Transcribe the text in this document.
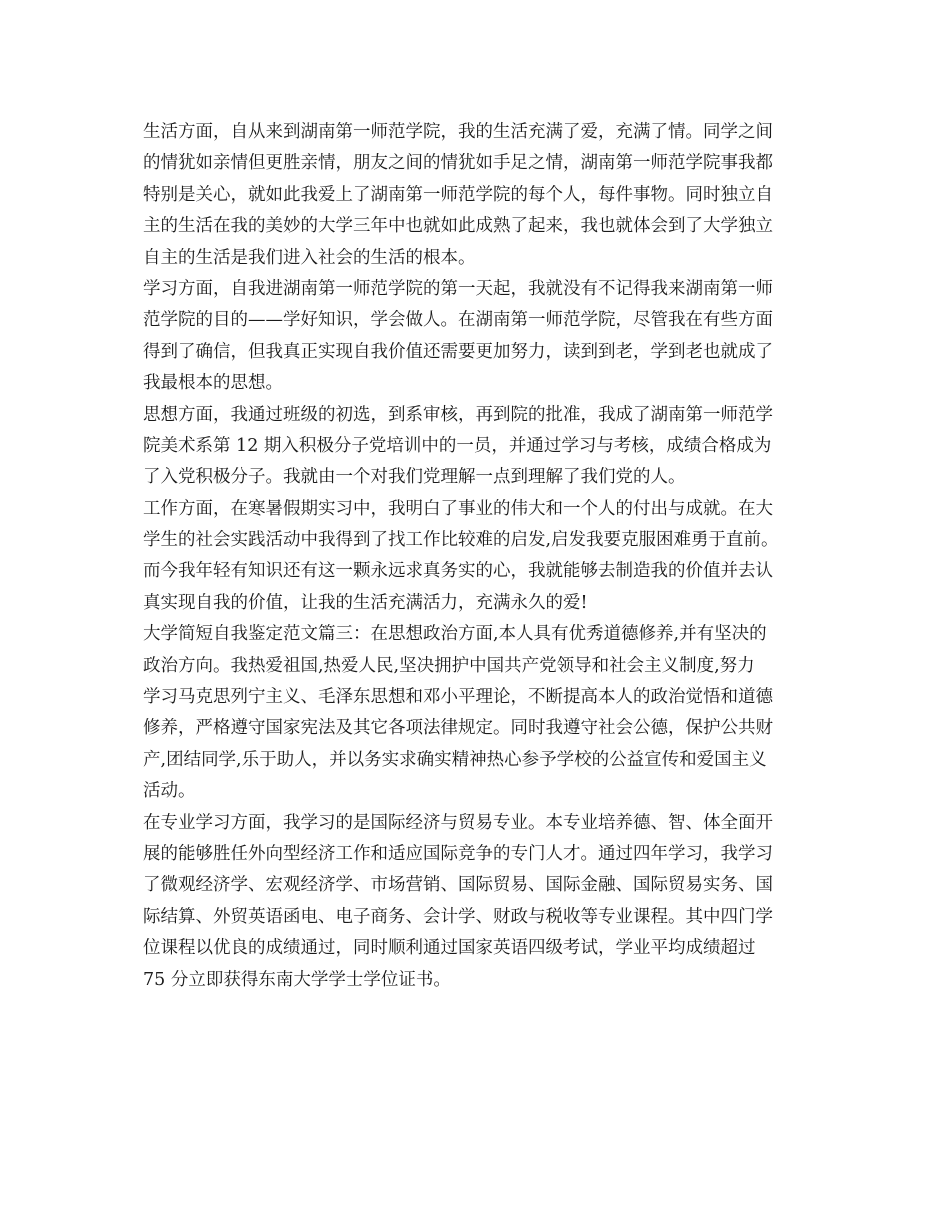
生活方面，自从来到湖南第一师范学院，我的生活充满了爱，充满了情。同学之间
的情犹如亲情但更胜亲情，朋友之间的情犹如手足之情，湖南第一师范学院事我都
特别是关心，就如此我爱上了湖南第一师范学院的每个人，每件事物。同时独立自
主的生活在我的美妙的大学三年中也就如此成熟了起来，我也就体会到了大学独立
自主的生活是我们进入社会的生活的根本。
学习方面，自我进湖南第一师范学院的第一天起，我就没有不记得我来湖南第一师
范学院的目的——学好知识，学会做人。在湖南第一师范学院，尽管我在有些方面
得到了确信，但我真正实现自我价值还需要更加努力，读到到老，学到老也就成了
我最根本的思想。
思想方面，我通过班级的初选，到系审核，再到院的批准，我成了湖南第一师范学
院美术系第 12 期入积极分子党培训中的一员，并通过学习与考核，成绩合格成为
了入党积极分子。我就由一个对我们党理解一点到理解了我们党的人。
工作方面，在寒暑假期实习中，我明白了事业的伟大和一个人的付出与成就。在大
学生的社会实践活动中我得到了找工作比较难的启发,启发我要克服困难勇于直前。
而今我年轻有知识还有这一颗永远求真务实的心，我就能够去制造我的价值并去认
真实现自我的价值，让我的生活充满活力，充满永久的爱!
大学简短自我鉴定范文篇三：在思想政治方面,本人具有优秀道德修养,并有坚决的
政治方向。我热爱祖国,热爱人民,坚决拥护中国共产党领导和社会主义制度,努力
学习马克思列宁主义、毛泽东思想和邓小平理论，不断提高本人的政治觉悟和道德
修养，严格遵守国家宪法及其它各项法律规定。同时我遵守社会公德，保护公共财
产,团结同学,乐于助人，并以务实求确实精神热心参予学校的公益宣传和爱国主义
活动。
在专业学习方面，我学习的是国际经济与贸易专业。本专业培养德、智、体全面开
展的能够胜任外向型经济工作和适应国际竞争的专门人才。通过四年学习，我学习
了微观经济学、宏观经济学、市场营销、国际贸易、国际金融、国际贸易实务、国
际结算、外贸英语函电、电子商务、会计学、财政与税收等专业课程。其中四门学
位课程以优良的成绩通过，同时顺利通过国家英语四级考试，学业平均成绩超过
75 分立即获得东南大学学士学位证书。
